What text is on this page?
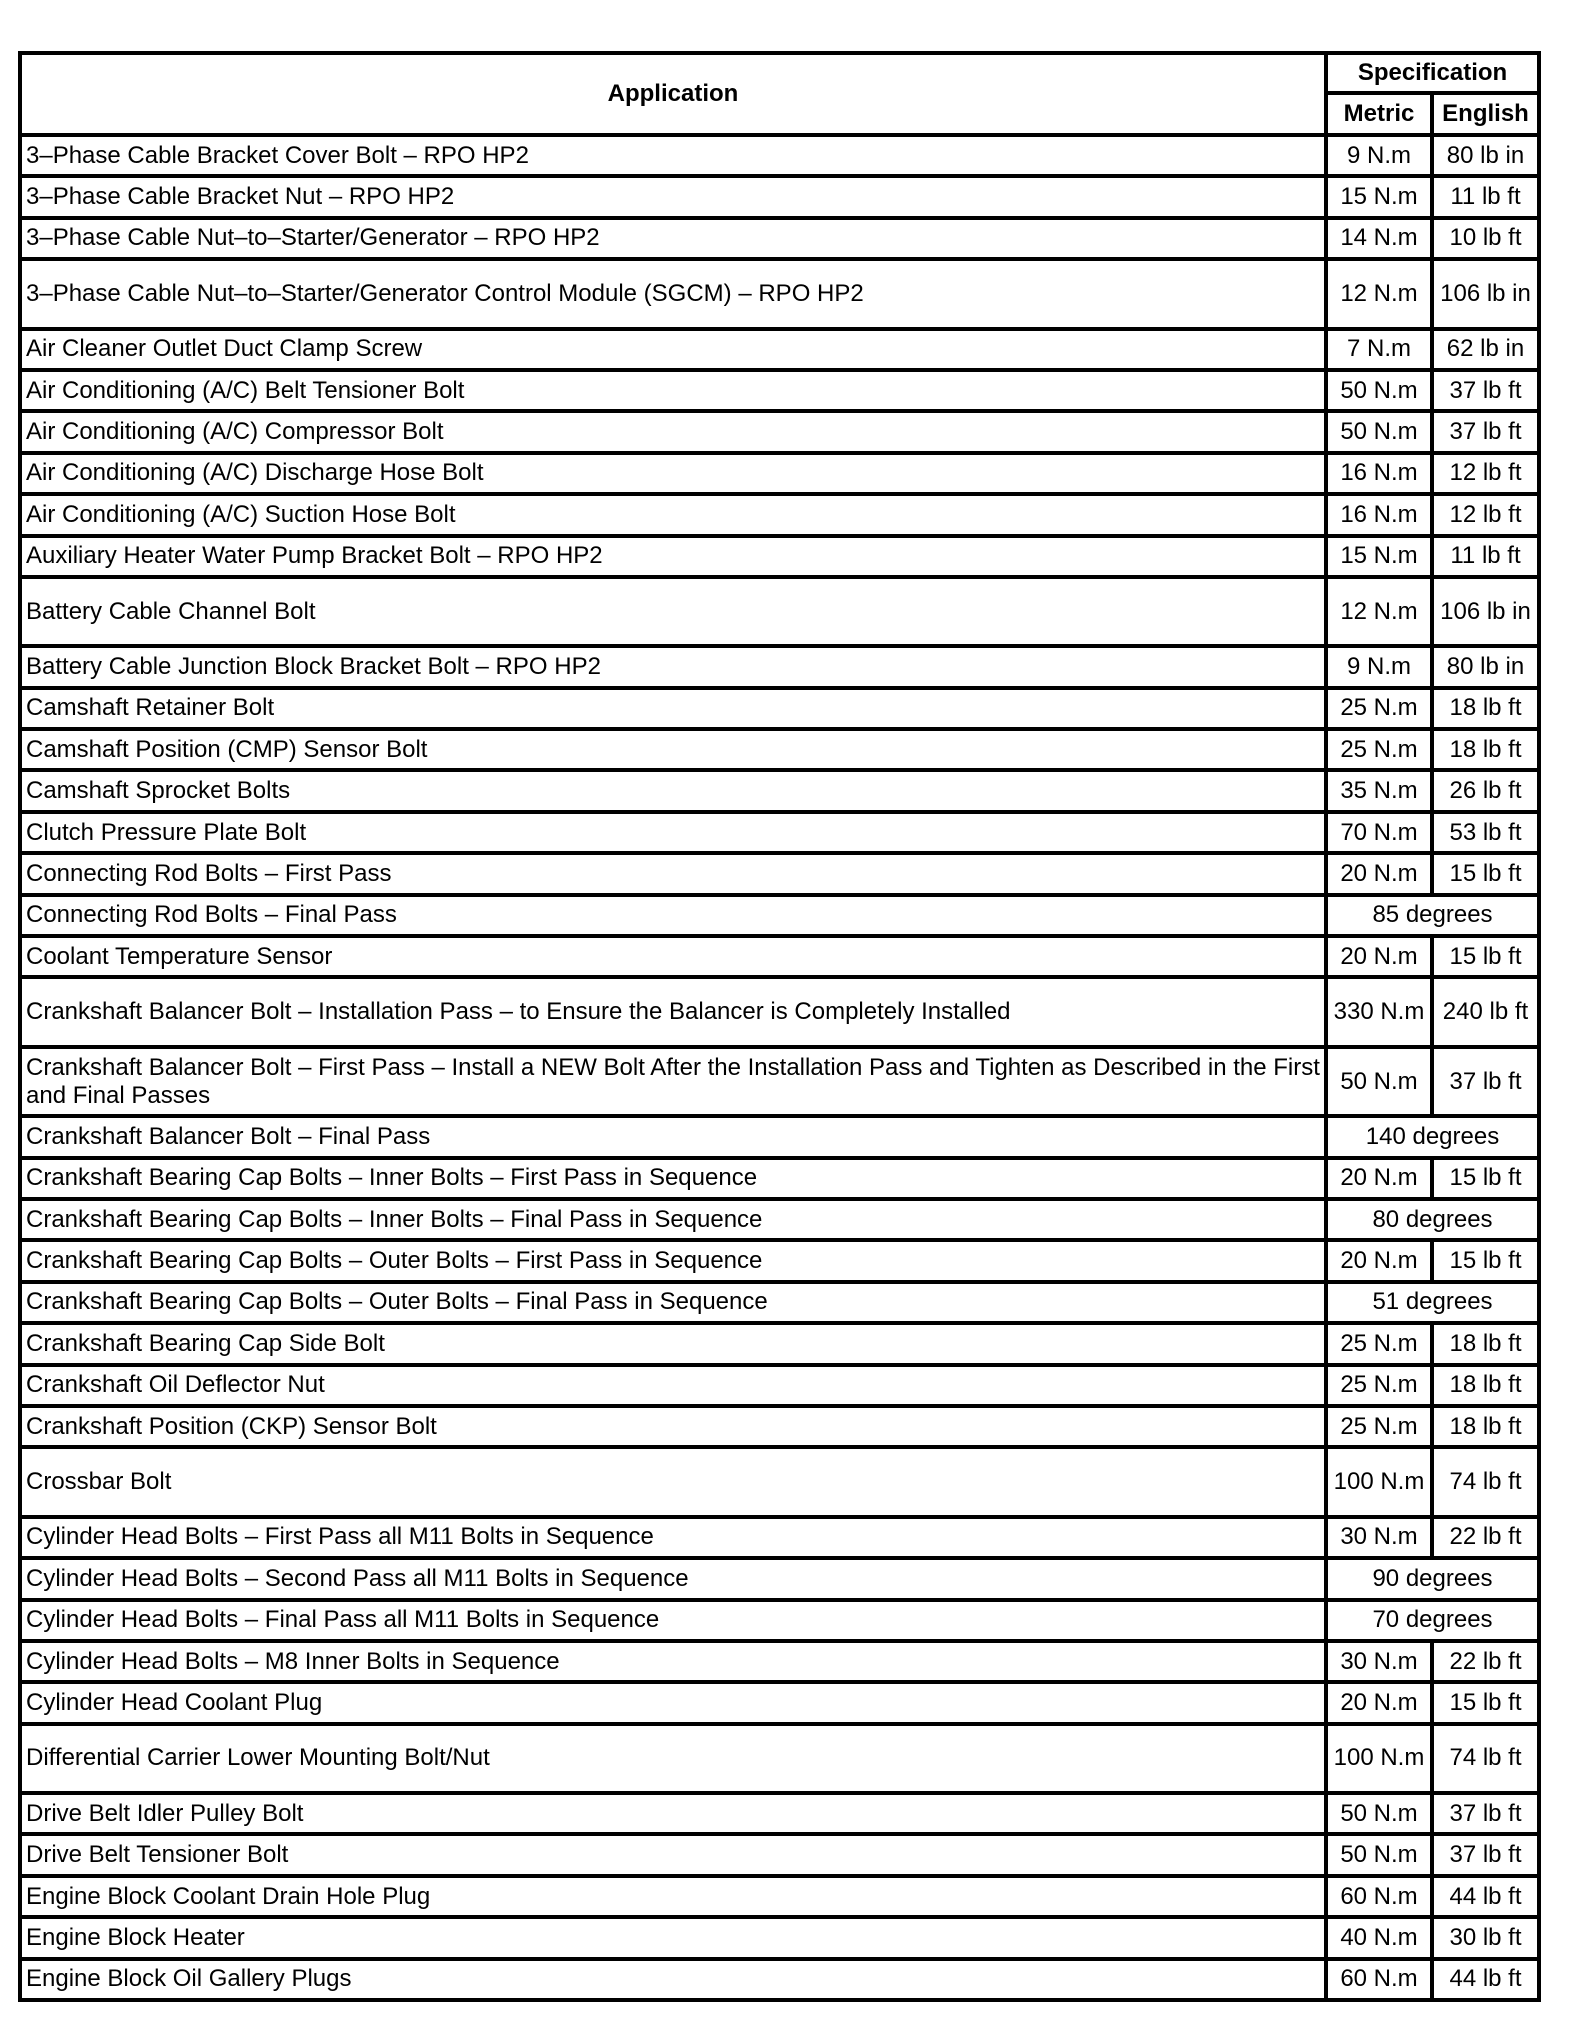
Application	Specification	
	Metric	English
3–Phase Cable Bracket Cover Bolt – RPO HP2	9 N.m	80 lb in
3–Phase Cable Bracket Nut – RPO HP2	15 N.m	11 lb ft
3–Phase Cable Nut–to–Starter/Generator – RPO HP2	14 N.m	10 lb ft
3–Phase Cable Nut–to–Starter/Generator Control Module (SGCM) – RPO HP2	12 N.m	106 lb in
Air Cleaner Outlet Duct Clamp Screw	7 N.m	62 lb in
Air Conditioning (A/C) Belt Tensioner Bolt	50 N.m	37 lb ft
Air Conditioning (A/C) Compressor Bolt	50 N.m	37 lb ft
Air Conditioning (A/C) Discharge Hose Bolt	16 N.m	12 lb ft
Air Conditioning (A/C) Suction Hose Bolt	16 N.m	12 lb ft
Auxiliary Heater Water Pump Bracket Bolt – RPO HP2	15 N.m	11 lb ft
Battery Cable Channel Bolt	12 N.m	106 lb in
Battery Cable Junction Block Bracket Bolt – RPO HP2	9 N.m	80 lb in
Camshaft Retainer Bolt	25 N.m	18 lb ft
Camshaft Position (CMP) Sensor Bolt	25 N.m	18 lb ft
Camshaft Sprocket Bolts	35 N.m	26 lb ft
Clutch Pressure Plate Bolt	70 N.m	53 lb ft
Connecting Rod Bolts – First Pass	20 N.m	15 lb ft
Connecting Rod Bolts – Final Pass	85 degrees	
Coolant Temperature Sensor	20 N.m	15 lb ft
Crankshaft Balancer Bolt – Installation Pass – to Ensure the Balancer is Completely Installed	330 N.m	240 lb ft
Crankshaft Balancer Bolt – First Pass – Install a NEW Bolt After the Installation Pass and Tighten as Described in the First and Final Passes	50 N.m	37 lb ft
Crankshaft Balancer Bolt – Final Pass	140 degrees	
Crankshaft Bearing Cap Bolts – Inner Bolts – First Pass in Sequence	20 N.m	15 lb ft
Crankshaft Bearing Cap Bolts – Inner Bolts – Final Pass in Sequence	80 degrees	
Crankshaft Bearing Cap Bolts – Outer Bolts – First Pass in Sequence	20 N.m	15 lb ft
Crankshaft Bearing Cap Bolts – Outer Bolts – Final Pass in Sequence	51 degrees	
Crankshaft Bearing Cap Side Bolt	25 N.m	18 lb ft
Crankshaft Oil Deflector Nut	25 N.m	18 lb ft
Crankshaft Position (CKP) Sensor Bolt	25 N.m	18 lb ft
Crossbar Bolt	100 N.m	74 lb ft
Cylinder Head Bolts – First Pass all M11 Bolts in Sequence	30 N.m	22 lb ft
Cylinder Head Bolts – Second Pass all M11 Bolts in Sequence	90 degrees	
Cylinder Head Bolts – Final Pass all M11 Bolts in Sequence	70 degrees	
Cylinder Head Bolts – M8 Inner Bolts in Sequence	30 N.m	22 lb ft
Cylinder Head Coolant Plug	20 N.m	15 lb ft
Differential Carrier Lower Mounting Bolt/Nut	100 N.m	74 lb ft
Drive Belt Idler Pulley Bolt	50 N.m	37 lb ft
Drive Belt Tensioner Bolt	50 N.m	37 lb ft
Engine Block Coolant Drain Hole Plug	60 N.m	44 lb ft
Engine Block Heater	40 N.m	30 lb ft
Engine Block Oil Gallery Plugs	60 N.m	44 lb ft
